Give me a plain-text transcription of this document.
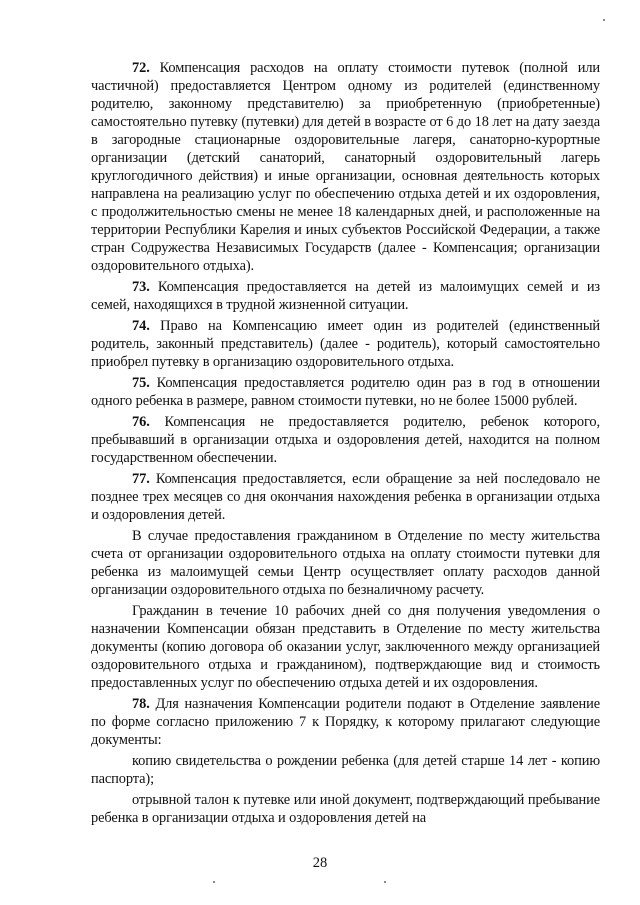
72. Компенсация расходов на оплату стоимости путевок (полной или частичной) предоставляется Центром одному из родителей (единственному родителю, законному представителю) за приобретенную (приобретенные) самостоятельно путевку (путевки) для детей в возрасте от 6 до 18 лет на дату заезда в загородные стационарные оздоровительные лагеря, санаторно-курортные организации (детский санаторий, санаторный оздоровительный лагерь круглогодичного действия) и иные организации, основная деятельность которых направлена на реализацию услуг по обеспечению отдыха детей и их оздоровления, с продолжительностью смены не менее 18 календарных дней, и расположенные на территории Республики Карелия и иных субъектов Российской Федерации, а также стран Содружества Независимых Государств (далее - Компенсация; организации оздоровительного отдыха).

73. Компенсация предоставляется на детей из малоимущих семей и из семей, находящихся в трудной жизненной ситуации.

74. Право на Компенсацию имеет один из родителей (единственный родитель, законный представитель) (далее - родитель), который самостоятельно приобрел путевку в организацию оздоровительного отдыха.

75. Компенсация предоставляется родителю один раз в год в отношении одного ребенка в размере, равном стоимости путевки, но не более 15000 рублей.

76. Компенсация не предоставляется родителю, ребенок которого, пребывавший в организации отдыха и оздоровления детей, находится на полном государственном обеспечении.

77. Компенсация предоставляется, если обращение за ней последовало не позднее трех месяцев со дня окончания нахождения ребенка в организации отдыха и оздоровления детей.

В случае предоставления гражданином в Отделение по месту жительства счета от организации оздоровительного отдыха на оплату стоимости путевки для ребенка из малоимущей семьи Центр осуществляет оплату расходов данной организации оздоровительного отдыха по безналичному расчету.

Гражданин в течение 10 рабочих дней со дня получения уведомления о назначении Компенсации обязан представить в Отделение по месту жительства документы (копию договора об оказании услуг, заключенного между организацией оздоровительного отдыха и гражданином), подтверждающие вид и стоимость предоставленных услуг по обеспечению отдыха детей и их оздоровления.

78. Для назначения Компенсации родители подают в Отделение заявление по форме согласно приложению 7 к Порядку, к которому прилагают следующие документы:

копию свидетельства о рождении ребенка (для детей старше 14 лет - копию паспорта);

отрывной талон к путевке или иной документ, подтверждающий пребывание ребенка в организации отдыха и оздоровления детей на

28
